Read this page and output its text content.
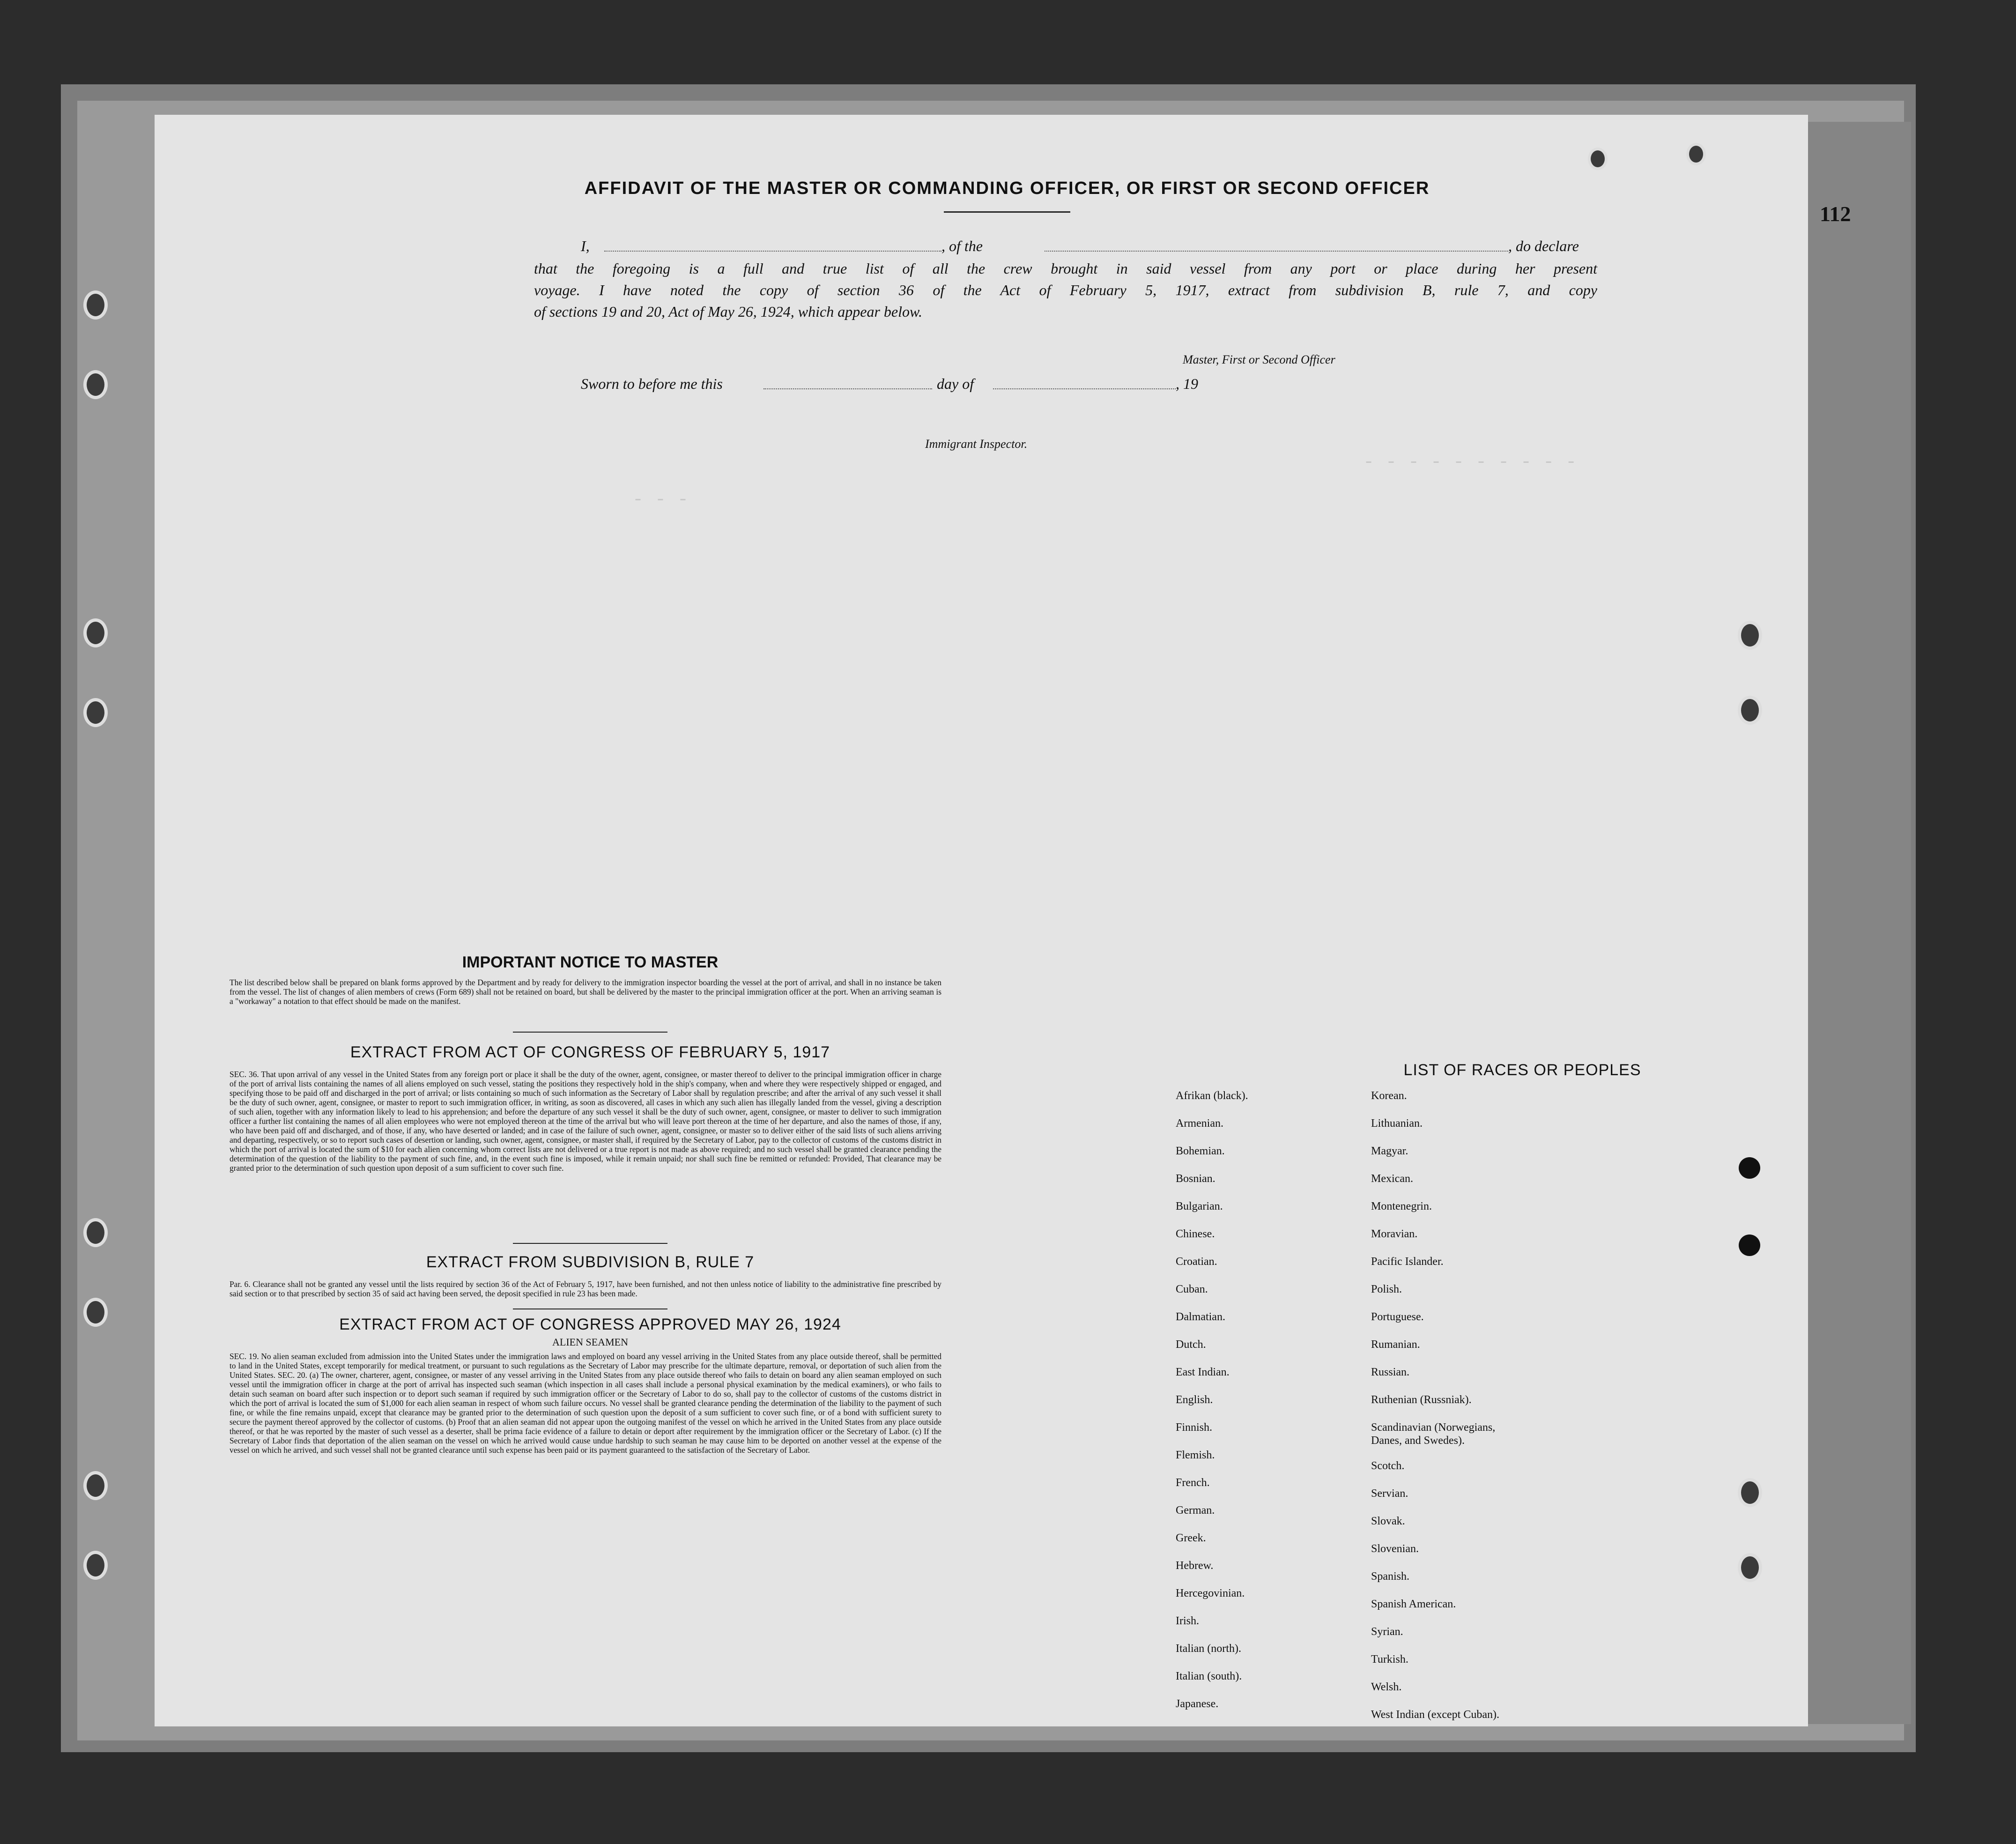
112
- - - - - - - - - -
- - -
AFFIDAVIT OF THE MASTER OR COMMANDING OFFICER, OR FIRST OR SECOND OFFICER
I,	, of the	, do declare
that the foregoing is a full and true list of all the crew brought in said vessel from any port or place during her present
voyage. I have noted the copy of section 36 of the Act of February 5, 1917, extract from subdivision B, rule 7, and copy
of sections 19 and 20, Act of May 26, 1924, which appear below.
Master, First or Second Officer
Sworn to before me this	day of	, 19
Immigrant Inspector.
IMPORTANT NOTICE TO MASTER
The list described below shall be prepared on blank forms approved by the Department and by ready for delivery to the immigration inspector boarding the vessel at the port of arrival, and shall in no instance be taken from the vessel. The list of changes of alien members of crews (Form 689) shall not be retained on board, but shall be delivered by the master to the principal immigration officer at the port. When an arriving seaman is a "workaway" a notation to that effect should be made on the manifest.
EXTRACT FROM ACT OF CONGRESS OF FEBRUARY 5, 1917
SEC. 36. That upon arrival of any vessel in the United States from any foreign port or place it shall be the duty of the owner, agent, consignee, or master thereof to deliver to the principal immigration officer in charge of the port of arrival lists containing the names of all aliens employed on such vessel, stating the positions they respectively hold in the ship's company, when and where they were respectively shipped or engaged, and specifying those to be paid off and discharged in the port of arrival; or lists containing so much of such information as the Secretary of Labor shall by regulation prescribe; and after the arrival of any such vessel it shall be the duty of such owner, agent, consignee, or master to report to such immigration officer, in writing, as soon as discovered, all cases in which any such alien has illegally landed from the vessel, giving a description of such alien, together with any information likely to lead to his apprehension; and before the departure of any such vessel it shall be the duty of such owner, agent, consignee, or master to deliver to such immigration officer a further list containing the names of all alien employees who were not employed thereon at the time of the arrival but who will leave port thereon at the time of her departure, and also the names of those, if any, who have been paid off and discharged, and of those, if any, who have deserted or landed; and in case of the failure of such owner, agent, consignee, or master so to deliver either of the said lists of such aliens arriving and departing, respectively, or so to report such cases of desertion or landing, such owner, agent, consignee, or master shall, if required by the Secretary of Labor, pay to the collector of customs of the customs district in which the port of arrival is located the sum of $10 for each alien concerning whom correct lists are not delivered or a true report is not made as above required; and no such vessel shall be granted clearance pending the determination of the question of the liability to the payment of such fine, and, in the event such fine is imposed, while it remain unpaid; nor shall such fine be remitted or refunded: Provided, That clearance may be granted prior to the determination of such question upon deposit of a sum sufficient to cover such fine.
EXTRACT FROM SUBDIVISION B, RULE 7
Par. 6. Clearance shall not be granted any vessel until the lists required by section 36 of the Act of February 5, 1917, have been furnished, and not then unless notice of liability to the administrative fine prescribed by said section or to that prescribed by section 35 of said act having been served, the deposit specified in rule 23 has been made.
EXTRACT FROM ACT OF CONGRESS APPROVED MAY 26, 1924
ALIEN SEAMEN
SEC. 19. No alien seaman excluded from admission into the United States under the immigration laws and employed on board any vessel arriving in the United States from any place outside thereof, shall be permitted to land in the United States, except temporarily for medical treatment, or pursuant to such regulations as the Secretary of Labor may prescribe for the ultimate departure, removal, or deportation of such alien from the United States. SEC. 20. (a) The owner, charterer, agent, consignee, or master of any vessel arriving in the United States from any place outside thereof who fails to detain on board any alien seaman employed on such vessel until the immigration officer in charge at the port of arrival has inspected such seaman (which inspection in all cases shall include a personal physical examination by the medical examiners), or who fails to detain such seaman on board after such inspection or to deport such seaman if required by such immigration officer or the Secretary of Labor to do so, shall pay to the collector of customs of the customs district in which the port of arrival is located the sum of $1,000 for each alien seaman in respect of whom such failure occurs. No vessel shall be granted clearance pending the determination of the liability to the payment of such fine, or while the fine remains unpaid, except that clearance may be granted prior to the determination of such question upon the deposit of a sum sufficient to cover such fine, or of a bond with sufficient surety to secure the payment thereof approved by the collector of customs. (b) Proof that an alien seaman did not appear upon the outgoing manifest of the vessel on which he arrived in the United States from any place outside thereof, or that he was reported by the master of such vessel as a deserter, shall be prima facie evidence of a failure to detain or deport after requirement by the immigration officer or the Secretary of Labor. (c) If the Secretary of Labor finds that deportation of the alien seaman on the vessel on which he arrived would cause undue hardship to such seaman he may cause him to be deported on another vessel at the expense of the vessel on which he arrived, and such vessel shall not be granted clearance until such expense has been paid or its payment guaranteed to the satisfaction of the Secretary of Labor.
LIST OF RACES OR PEOPLES
Afrikan (black).
Armenian.
Bohemian.
Bosnian.
Bulgarian.
Chinese.
Croatian.
Cuban.
Dalmatian.
Dutch.
East Indian.
English.
Finnish.
Flemish.
French.
German.
Greek.
Hebrew.
Hercegovinian.
Irish.
Italian (north).
Italian (south).
Japanese.
Korean.
Lithuanian.
Magyar.
Mexican.
Montenegrin.
Moravian.
Pacific Islander.
Polish.
Portuguese.
Rumanian.
Russian.
Ruthenian (Russniak).
Scandinavian (Norwegians,
Danes, and Swedes).
Scotch.
Servian.
Slovak.
Slovenian.
Spanish.
Spanish American.
Syrian.
Turkish.
Welsh.
West Indian (except Cuban).
